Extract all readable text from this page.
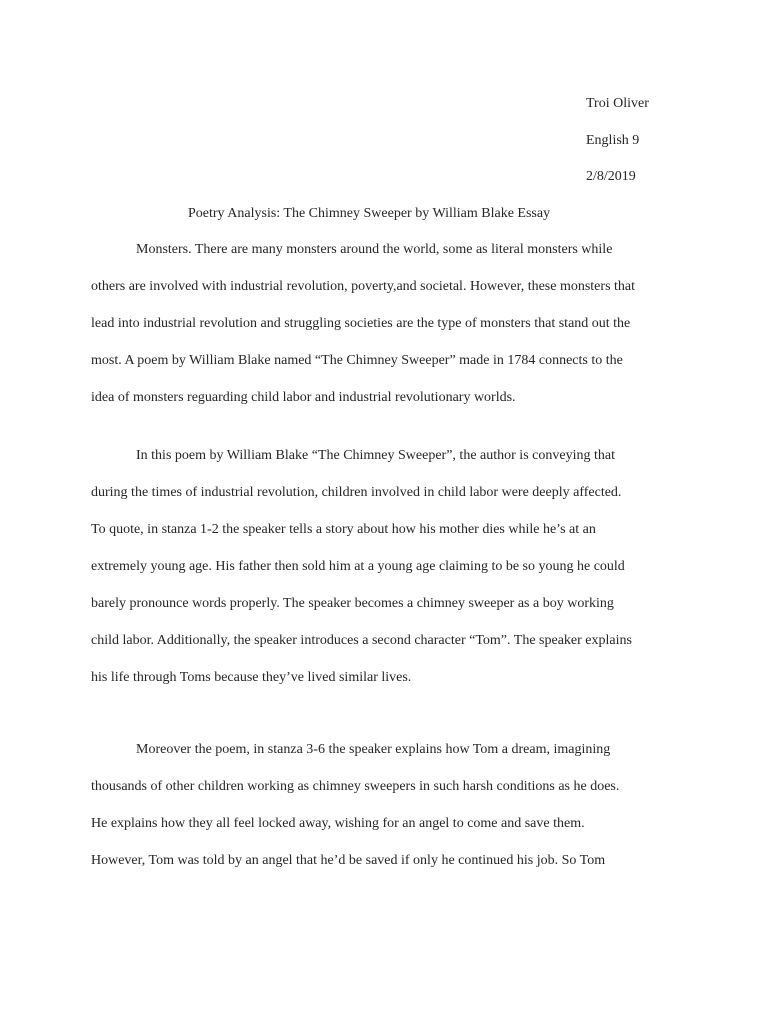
Troi Oliver
English 9
2/8/2019
Poetry Analysis: The Chimney Sweeper by William Blake Essay
Monsters. There are many monsters around the world, some as literal monsters while
others are involved with industrial revolution, poverty,and societal. However, these monsters that
lead into industrial revolution and struggling societies are the type of monsters that stand out the
most. A poem by William Blake named “The Chimney Sweeper” made in 1784 connects to the
idea of monsters reguarding child labor and industrial revolutionary worlds.
In this poem by William Blake “The Chimney Sweeper”, the author is conveying that
during the times of industrial revolution, children involved in child labor were deeply affected.
To quote, in stanza 1-2 the speaker tells a story about how his mother dies while he’s at an
extremely young age. His father then sold him at a young age claiming to be so young he could
barely pronounce words properly. The speaker becomes a chimney sweeper as a boy working
child labor. Additionally, the speaker introduces a second character “Tom”. The speaker explains
his life through Toms because they’ve lived similar lives.
Moreover the poem, in stanza 3-6 the speaker explains how Tom a dream, imagining
thousands of other children working as chimney sweepers in such harsh conditions as he does.
He explains how they all feel locked away, wishing for an angel to come and save them.
However, Tom was told by an angel that he’d be saved if only he continued his job. So Tom
